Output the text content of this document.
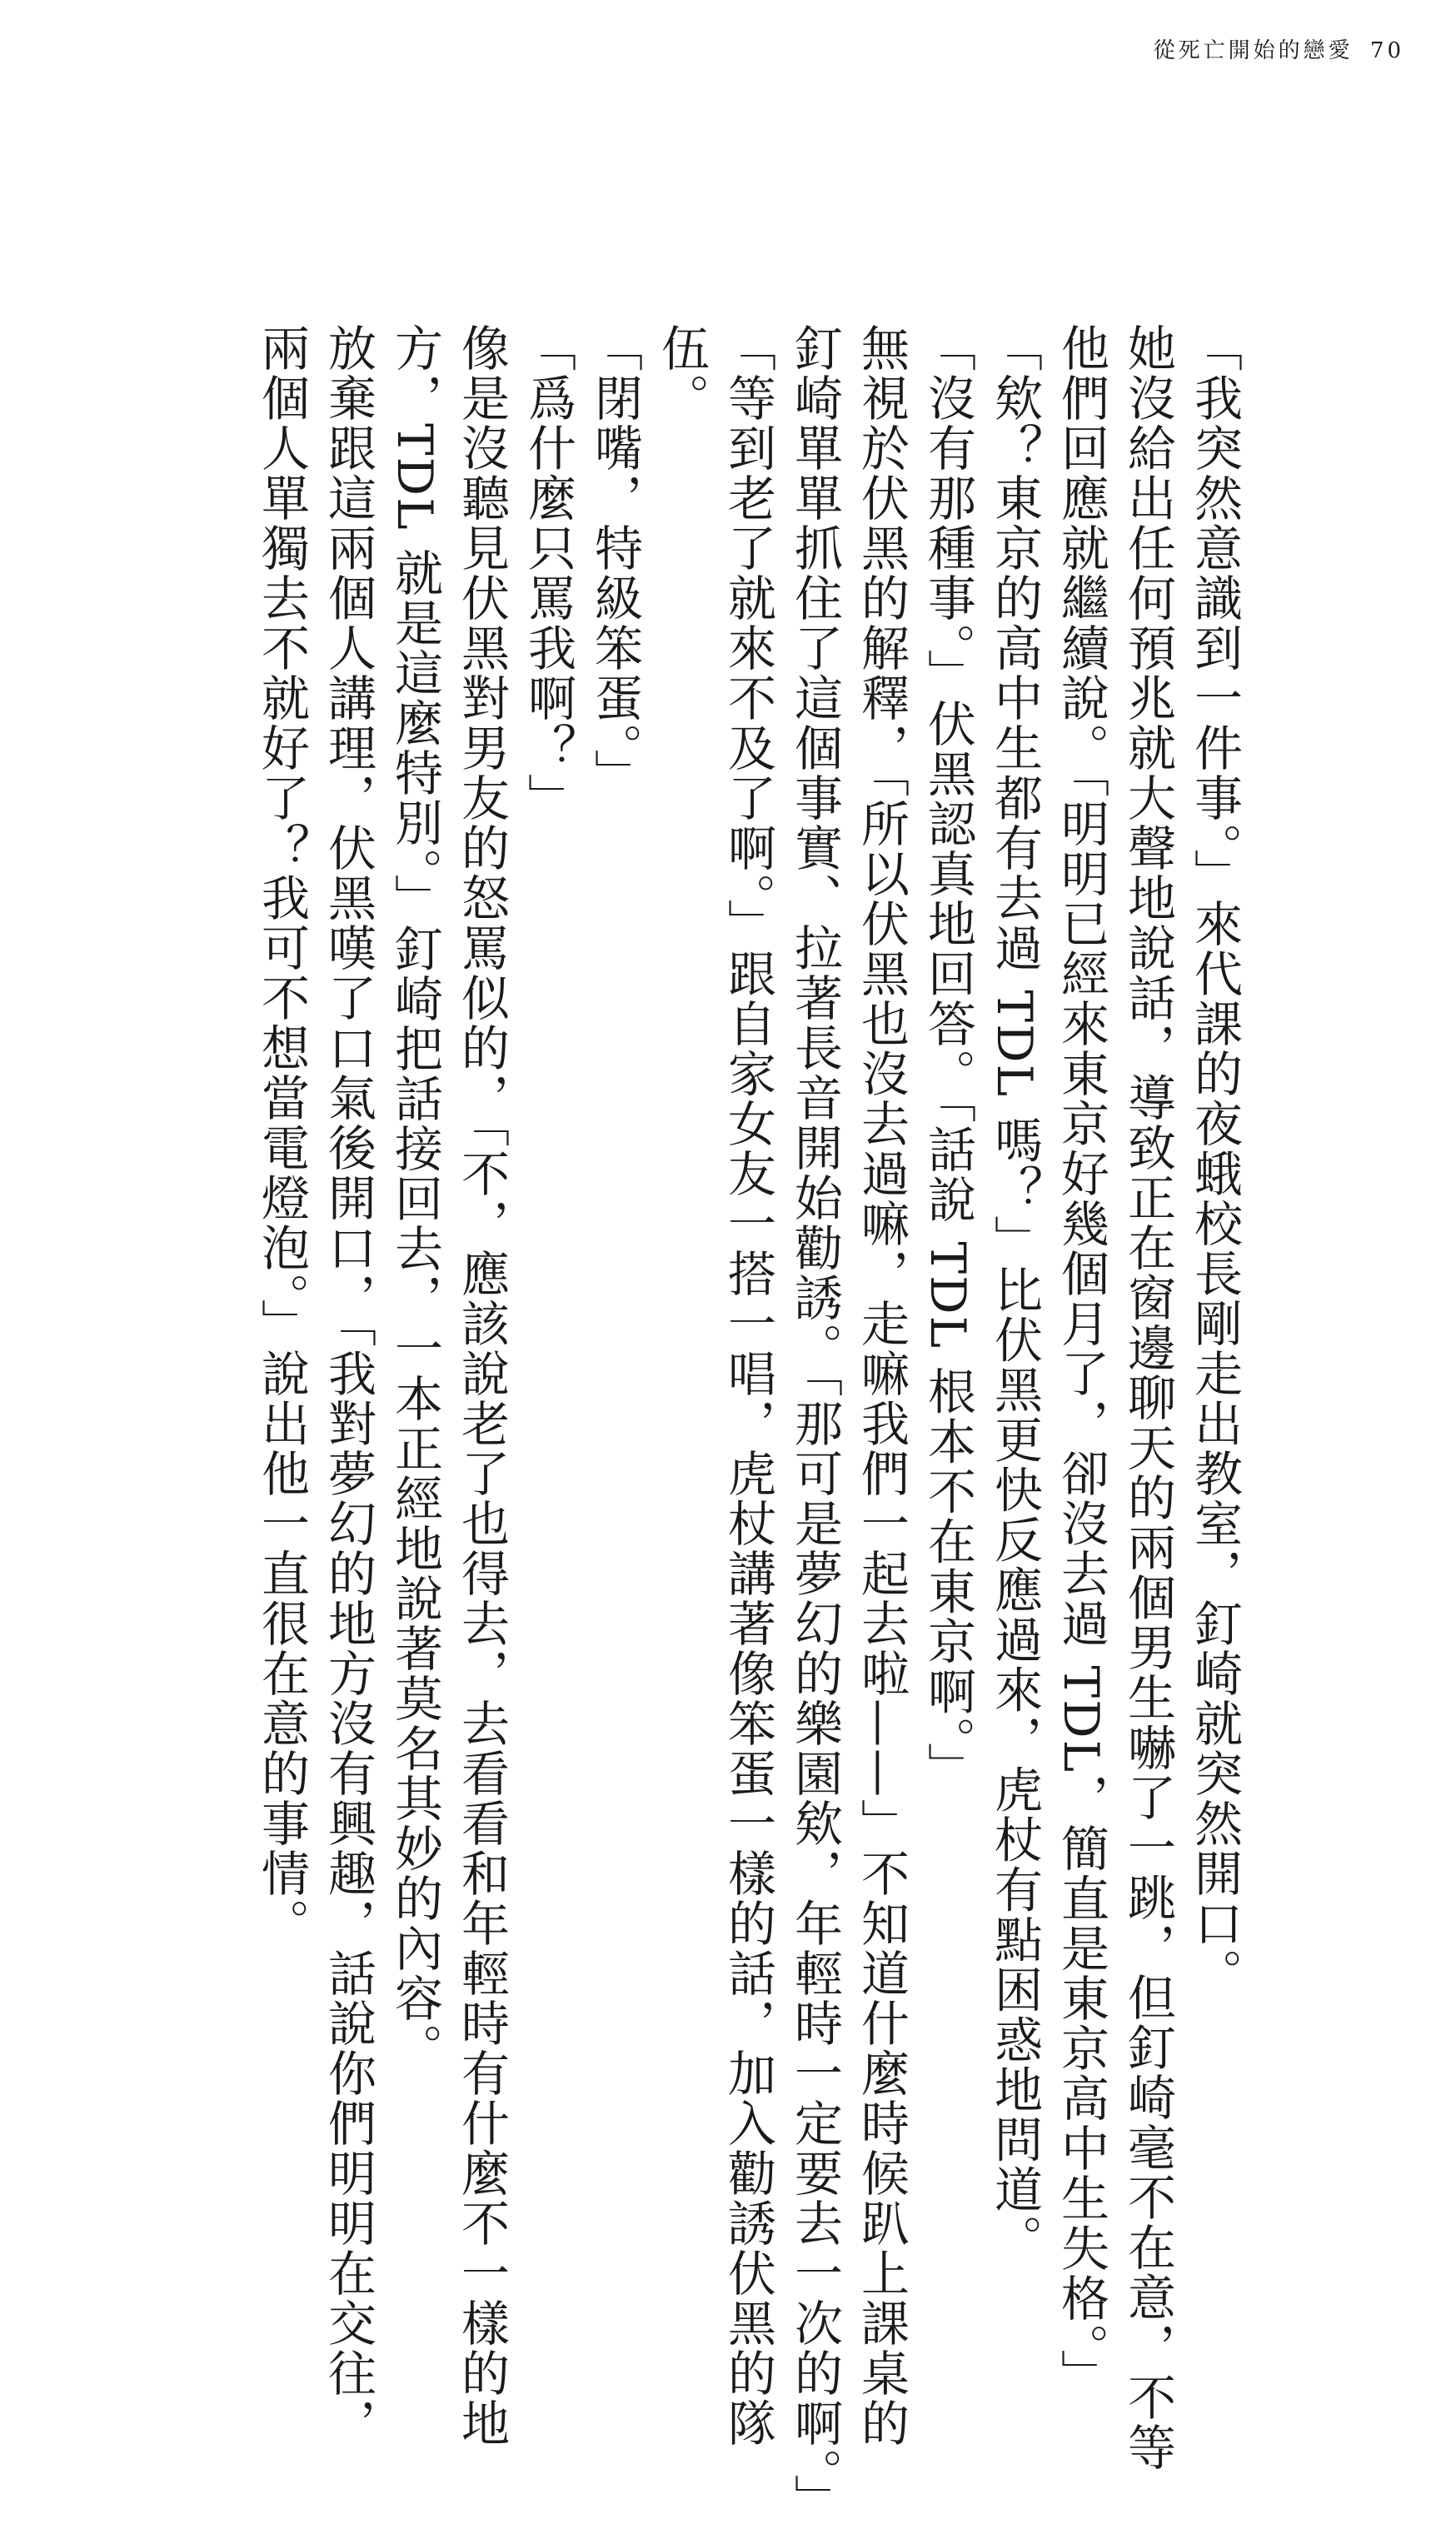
從死亡開始的戀愛 70

「我突然意識到一件事。」來代課的夜蛾校長剛走出教室，釘崎就突然開口。

她沒給出任何預兆就大聲地說話，導致正在窗邊聊天的兩個男生嚇了一跳，但釘崎毫不在意，不等

他們回應就繼續說。「明明已經來東京好幾個月了，卻沒去過 TDL，簡直是東京高中生失格。」

「欸？東京的高中生都有去過 TDL 嗎？」比伏黑更快反應過來，虎杖有點困惑地問道。

「沒有那種事。」伏黑認真地回答。「話說 TDL 根本不在東京啊。」

無視於伏黑的解釋，「所以伏黑也沒去過嘛，走嘛我們一起去啦——」不知道什麼時候趴上課桌的

釘崎單單抓住了這個事實、拉著長音開始勸誘。「那可是夢幻的樂園欸，年輕時一定要去一次的啊。」

「等到老了就來不及了啊。」跟自家女友一搭一唱，虎杖講著像笨蛋一樣的話，加入勸誘伏黑的隊

伍。

「閉嘴，特級笨蛋。」

「爲什麼只罵我啊？」

像是沒聽見伏黑對男友的怒罵似的，「不，應該說老了也得去，去看看和年輕時有什麼不一樣的地

方，TDL 就是這麼特別。」釘崎把話接回去，一本正經地說著莫名其妙的內容。

放棄跟這兩個人講理，伏黑嘆了口氣後開口，「我對夢幻的地方沒有興趣，話說你們明明在交往，

兩個人單獨去不就好了？我可不想當電燈泡。」說出他一直很在意的事情。
